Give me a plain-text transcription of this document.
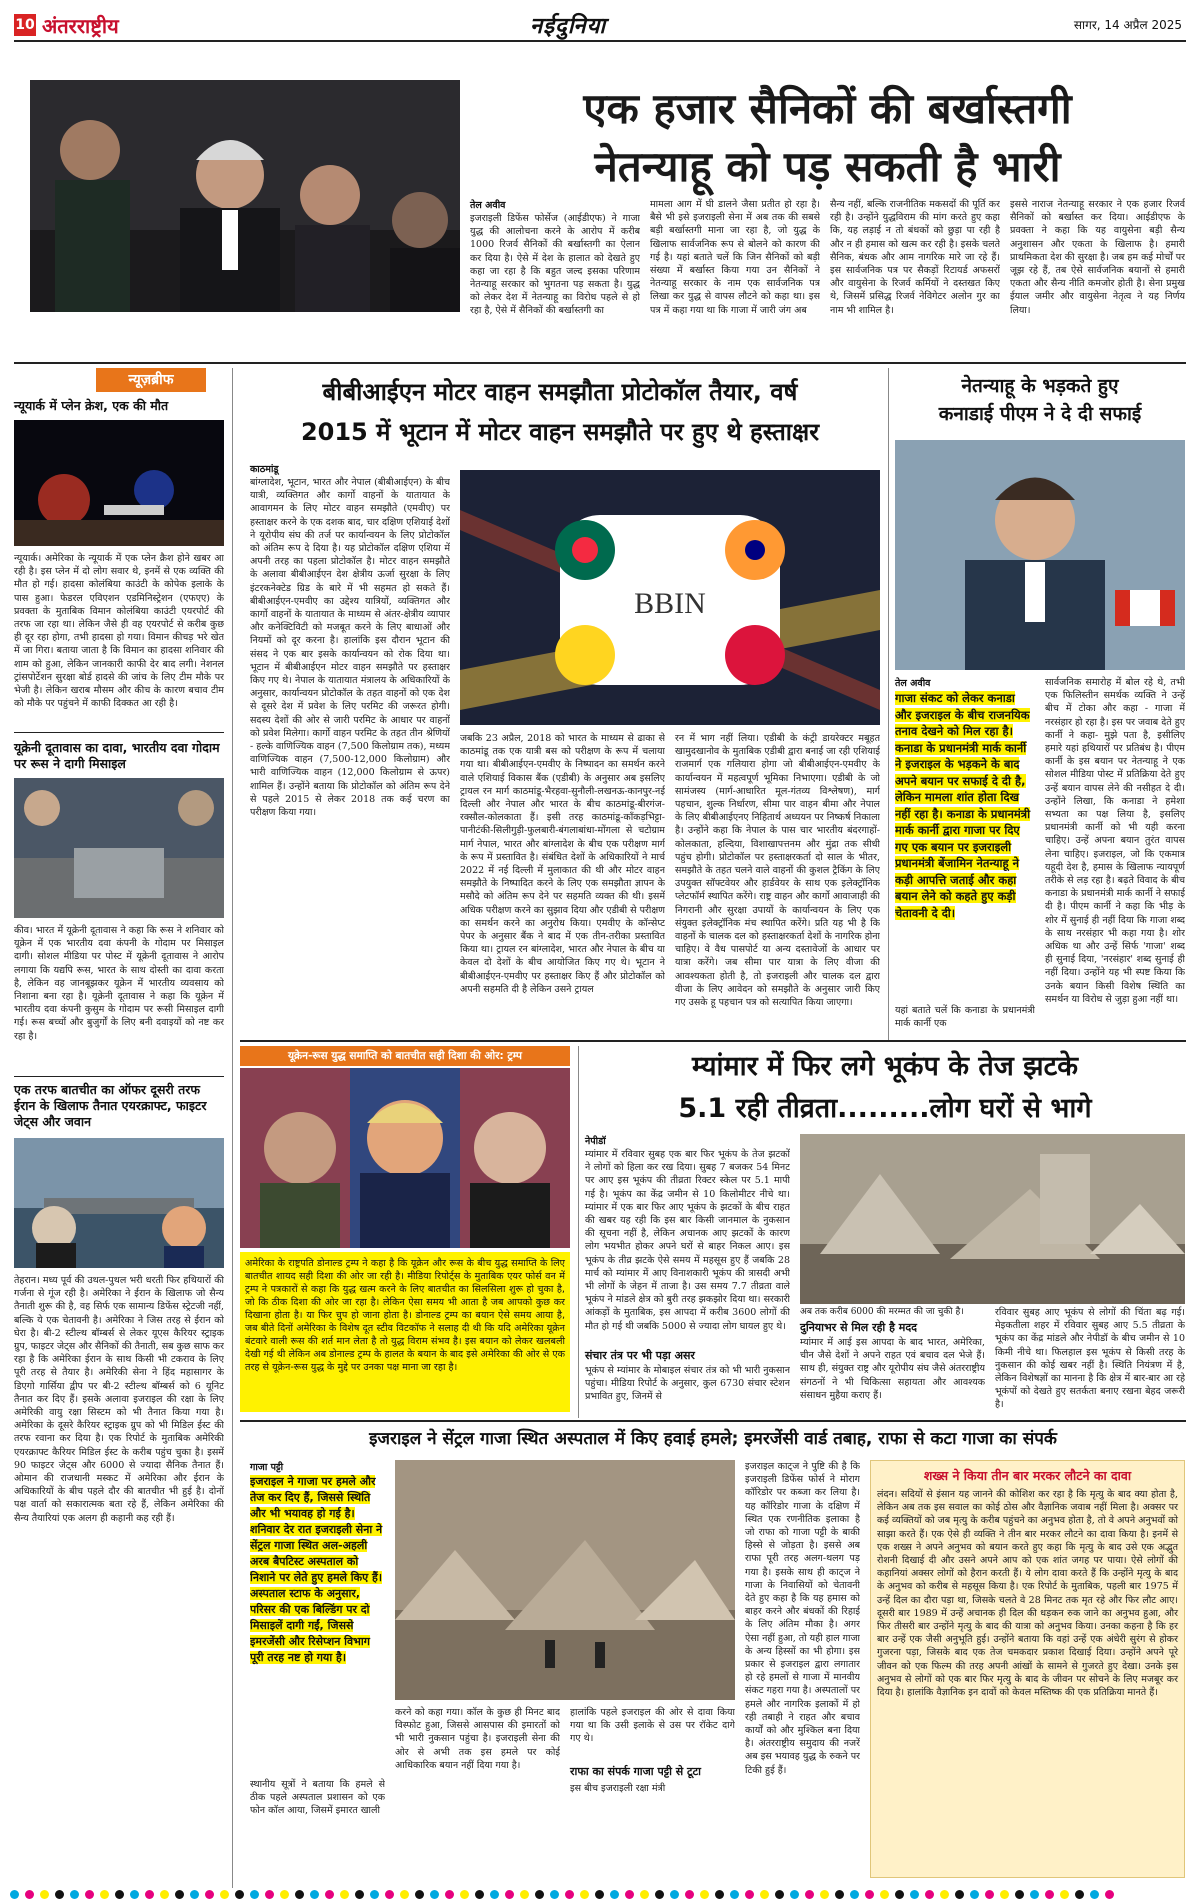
10 अंतरराष्ट्रीय	नईदुनिया	सागर, 14 अप्रैल 2025
एक हजार सैनिकों की बर्खास्तगी
नेतन्याहू को पड़ सकती है भारी
तेल अवीव
इजराइली डिफेंस फोर्सेज (आईडीएफ) ने गाजा युद्ध की आलोचना करने के आरोप में करीब 1000 रिजर्व सैनिकों की बर्खास्तगी का ऐलान कर दिया है। ऐसे में देश के हालात को देखते हुए कहा जा रहा है कि बहुत जल्द इसका परिणाम नेतन्याहू सरकार को भुगतना पड़ सकता है। युद्ध को लेकर देश में नेतन्याहू का विरोध पहले से हो रहा है, ऐसे में सैनिकों की बर्खास्तगी का
मामला आग में घी डालने जैसा प्रतीत हो रहा है। बैसे भी इसे इजराइली सेना में अब तक की सबसे बड़ी बर्खास्तगी माना जा रहा है, जो युद्ध के खिलाफ सार्वजनिक रूप से बोलने को कारण की गई है। यहां बताते चलें कि जिन सैनिकों को बड़ी संख्या में बर्खास्त किया गया उन सैनिकों ने नेतन्याहू सरकार के नाम एक सार्वजनिक पत्र लिखा कर युद्ध से वापस लौटने को कहा था। इस पत्र में कहा गया था कि गाजा में जारी जंग अब
सैन्य नहीं, बल्कि राजनीतिक मकसदों की पूर्ति कर रही है। उन्होंने युद्धविराम की मांग करते हुए कहा कि, यह लड़ाई न तो बंधकों को छुड़ा पा रही है और न ही हमास को खत्म कर रही है। इसके चलते सैनिक, बंधक और आम नागरिक मारे जा रहे हैं। इस सार्वजनिक पत्र पर सैकड़ों रिटायर्ड अफसरों और वायुसेना के रिजर्व कर्मियों ने दस्तखत किए थे, जिसमें प्रसिद्ध रिजर्व नेविगेटर अलोन गुर का नाम भी शामिल है।
इससे नाराज नेतन्याहू सरकार ने एक हजार रिजर्व सैनिकों को बर्खास्त कर दिया। आईडीएफ के प्रवक्ता ने कहा कि यह वायुसेना बड़ी सैन्य अनुशासन और एकता के खिलाफ है। हमारी प्राथमिकता देश की सुरक्षा है। जब हम कई मोर्चों पर जूझ रहे हैं, तब ऐसे सार्वजनिक बयानों से हमारी एकता और सैन्य नीति कमजोर होती है। सेना प्रमुख ईयाल जमीर और वायुसेना नेतृत्व ने यह निर्णय लिया।
न्यूज़ब्रीफ
न्यूयार्क में प्लेन क्रेश, एक की मौत
न्यूयार्क। अमेरिका के न्यूयार्क में एक प्लेन क्रैश होने खबर आ रही है। इस प्लेन में दो लोग सवार थे, इनमें से एक व्यक्ति की मौत हो गई। हादसा कोलंबिया काउंटी के कोपेक इलाके के पास हुआ। फेडरल एविएशन एडमिनिस्ट्रेशन (एफएए) के प्रवक्ता के मुताबिक विमान कोलंबिया काउंटी एयरपोर्ट की तरफ जा रहा था। लेकिन जैसे ही वह एयरपोर्ट से करीब कुछ ही दूर रहा होगा, तभी हादसा हो गया। विमान कीचड़ भरे खेत में जा गिरा। बताया जाता है कि विमान का हादसा शनिवार की शाम को हुआ, लेकिन जानकारी काफी देर बाद लगी। नेशनल ट्रांसपोर्टेशन सुरक्षा बोर्ड हादसे की जांच के लिए टीम मौके पर भेजी है। लेकिन खराब मौसम और कीच के कारण बचाव टीम को मौके पर पहुंचने में काफी दिक्कत आ रही है।
यूक्रेनी दूतावास का दावा, भारतीय दवा गोदाम पर रूस ने दागी मिसाइल
कीव। भारत में यूक्रेनी दूतावास ने कहा कि रूस ने शनिवार को यूक्रेन में एक भारतीय दवा कंपनी के गोदाम पर मिसाइल दागी। सोशल मीडिया पर पोस्ट में यूक्रेनी दूतावास ने आरोप लगाया कि यद्यपि रूस, भारत के साथ दोस्ती का दावा करता है, लेकिन वह जानबूझकर यूक्रेन में भारतीय व्यवसाय को निशाना बना रहा है। यूक्रेनी दूतावास ने कहा कि यूक्रेन में भारतीय दवा कंपनी कुसुम के गोदाम पर रूसी मिसाइल दागी गई। रूस बच्चों और बुजुर्गों के लिए बनी दवाइयों को नष्ट कर रहा है।
एक तरफ बातचीत का ऑफर दूसरी तरफ ईरान के खिलाफ तैनात एयरक्राफ्ट, फाइटर जेट्स और जवान
तेहरान। मध्य पूर्व की उथल-पुथल भरी धरती फिर हथियारों की गर्जना से गूंज रही है। अमेरिका ने ईरान के खिलाफ जो सैन्य तैनाती शुरू की है, वह सिर्फ एक सामान्य डिफेंस स्ट्रेटजी नहीं, बल्कि ये एक चेतावनी है। अमेरिका ने जिस तरह से ईरान को घेरा है। बी-2 स्टील्थ बॉम्बर्स से लेकर यूएस कैरियर स्ट्राइक ग्रुप, फाइटर जेट्स और सैनिकों की तैनाती, सब कुछ साफ कर रहा है कि अमेरिका ईरान के साथ किसी भी टकराव के लिए पूरी तरह से तैयार है। अमेरिकी सेना ने हिंद महासागर के डिएगो गार्सिया द्वीप पर बी-2 स्टील्थ बॉम्बर्स को 6 यूनिट तैनात कर दिए हैं। इसके अलावा इजराइल की रक्षा के लिए अमेरिकी वायु रक्षा सिस्टम को भी तैनात किया गया है। अमेरिका के दूसरे कैरियर स्ट्राइक ग्रुप को भी मिडिल ईस्ट की तरफ रवाना कर दिया है। एक रिपोर्ट के मुताबिक अमेरिकी एयरक्राफ्ट कैरियर मिडिल ईस्ट के करीब पहुंच चुका है। इसमें 90 फाइटर जेट्स और 6000 से ज्यादा सैनिक तैनात हैं। ओमान की राजधानी मस्कट में अमेरिका और ईरान के अधिकारियों के बीच पहले दौर की बातचीत भी हुई है। दोनों पक्ष वार्ता को सकारात्मक बता रहे हैं, लेकिन अमेरिका की सैन्य तैयारियां एक अलग ही कहानी कह रही हैं।
बीबीआईएन मोटर वाहन समझौता प्रोटोकॉल तैयार, वर्ष
2015 में भूटान में मोटर वाहन समझौते पर हुए थे हस्ताक्षर
काठमांडू
बांग्लादेश, भूटान, भारत और नेपाल (बीबीआईएन) के बीच यात्री, व्यक्तिगत और कार्गो वाहनों के यातायात के आवागमन के लिए मोटर वाहन समझौते (एमवीए) पर हस्ताक्षर करने के एक दशक बाद, चार दक्षिण एशियाई देशों ने यूरोपीय संघ की तर्ज पर कार्यान्वयन के लिए प्रोटोकॉल को अंतिम रूप दे दिया है। यह प्रोटोकॉल दक्षिण एशिया में अपनी तरह का पहला प्रोटोकॉल है। मोटर वाहन समझौते के अलावा बीबीआईएन देश क्षेत्रीय ऊर्जा सुरक्षा के लिए इंटरकनेक्टेड ग्रिड के बारे में भी सहमत हो सकते हैं। बीबीआईएन-एमवीए का उद्देश्य यात्रियों, व्यक्तिगत और कार्गो वाहनों के यातायात के माध्यम से अंतर-क्षेत्रीय व्यापार और कनेक्टिविटी को मजबूत करने के लिए बाधाओं और नियमों को दूर करना है। हालांकि इस दौरान भूटान की संसद ने एक बार इसके कार्यान्वयन को रोक दिया था। भूटान में बीबीआईएन मोटर वाहन समझौते पर हस्ताक्षर किए गए थे। नेपाल के यातायात मंत्रालय के अधिकारियों के अनुसार, कार्यान्वयन प्रोटोकॉल के तहत वाहनों को एक देश से दूसरे देश में प्रवेश के लिए परमिट की जरूरत होगी। सदस्य देशों की ओर से जारी परमिट के आधार पर वाहनों को प्रवेश मिलेगा। कार्गो वाहन परमिट के तहत तीन श्रेणियों - हल्के वाणिज्यिक वाहन (7,500 किलोग्राम तक), मध्यम वाणिज्यिक वाहन (7,500-12,000 किलोग्राम) और भारी वाणिज्यिक वाहन (12,000 किलोग्राम से ऊपर) शामिल हैं। उन्होंने बताया कि प्रोटोकॉल को अंतिम रूप देने से पहले 2015 से लेकर 2018 तक कई चरण का परीक्षण किया गया।
BBIN
जबकि 23 अप्रैल, 2018 को भारत के माध्यम से ढाका से काठमांडू तक एक यात्री बस को परीक्षण के रूप में चलाया गया था। बीबीआईएन-एमवीए के निष्पादन का समर्थन करने वाले एशियाई विकास बैंक (एडीबी) के अनुसार अब इसलिए ट्रायल रन मार्ग काठमांडू-भैरहवा-सुनौली-लखनऊ-कानपुर-नई दिल्ली और नेपाल और भारत के बीच काठमांडू-बीरगंज-रक्सौल-कोलकाता हैं। इसी तरह काठमांडू-काँकड़भिट्टा-पानीटंकी-सिलीगुड़ी-फुलबारी-बंगलाबांधा-मोंगला से चटोग्राम मार्ग नेपाल, भारत और बांग्लादेश के बीच एक परीक्षण मार्ग के रूप में प्रस्तावित है। संबंधित देशों के अधिकारियों ने मार्च 2022 में नई दिल्ली में मुलाकात की थी और मोटर वाहन समझौते के निष्पादित करने के लिए एक समझौता ज्ञापन के मसौदे को अंतिम रूप देने पर सहमति व्यक्त की थी। इसमें अधिक परीक्षण करने का सुझाव दिया और एडीबी से परीक्षण का समर्थन करने का अनुरोध किया। एमवीए के कॉन्सेप्ट पेपर के अनुसार बैंक ने बाद में एक तीन-तरीका प्रस्तावित किया था। ट्रायल रन बांग्लादेश, भारत और नेपाल के बीच या केवल दो देशों के बीच आयोजित किए गए थे। भूटान ने बीबीआईएन-एमवीए पर हस्ताक्षर किए हैं और प्रोटोकॉल को अपनी सहमति दी है लेकिन उसने ट्रायल
रन में भाग नहीं लिया। एडीबी के कंट्री डायरेक्टर मबूहत खामुदखानोव के मुताबिक एडीबी द्वारा बनाई जा रही एशियाई राजमार्ग एक गलियारा होगा जो बीबीआईएन-एमवीए के कार्यान्वयन में महत्वपूर्ण भूमिका निभाएगा। एडीबी के जो सामंजस्य (मार्ग-आधारित मूल-गंतव्य विश्लेषण), मार्ग पहचान, शुल्क निर्धारण, सीमा पार वाहन बीमा और नेपाल के लिए बीबीआईएनए निहितार्थ अध्ययन पर निष्कर्ष निकाला है। उन्होंने कहा कि नेपाल के पास चार भारतीय बंदरगाहों-कोलकाता, हल्दिया, विशाखापत्तनम और मुंद्रा तक सीधी पहुंच होगी। प्रोटोकॉल पर हस्ताक्षरकर्ता दो साल के भीतर, समझौते के तहत चलने वाले वाहनों की कुशल ट्रैकिंग के लिए उपयुक्त सॉफ्टवेयर और हार्डवेयर के साथ एक इलेक्ट्रॉनिक प्लेटफॉर्म स्थापित करेंगे। राष्ट्र वाहन और कार्गो आवाजाही की निगरानी और सुरक्षा उपायों के कार्यान्वयन के लिए एक संयुक्त इलेक्ट्रॉनिक मंच स्थापित करेंगे। प्रति यह भी है कि वाहनों के चालक दल को हस्ताक्षरकर्ता देशों के नागरिक होना चाहिए। वे वैध पासपोर्ट या अन्य दस्तावेजों के आधार पर यात्रा करेंगे। जब सीमा पार यात्रा के लिए वीजा की आवश्यकता होती है, तो इजराइली और चालक दल द्वारा वीजा के लिए आवेदन को समझौते के अनुसार जारी किए गए उसके हू पहचान पत्र को सत्यापित किया जाएगा।
नेतन्याहू के भड़कते हुए
कनाडाई पीएम ने दे दी सफाई
तेल अवीव
गाजा संकट को लेकर कनाडा और इजराइल के बीच राजनयिक तनाव देखने को मिल रहा है। कनाडा के प्रधानमंत्री मार्क कार्नी ने इजराइल के भड़कने के बाद अपने बयान पर सफाई दे दी है, लेकिन मामला शांत होता दिख नहीं रहा है। कनाडा के प्रधानमंत्री मार्क कार्नी द्वारा गाजा पर दिए गए एक बयान पर इजराइली प्रधानमंत्री बेंजामिन नेतन्याहू ने कड़ी आपत्ति जताई और कहा बयान लेने को कहते हुए कड़ी चेतावनी दे दी।
यहां बताते चलें कि कनाडा के प्रधानमंत्री मार्क कार्नी एक
सार्वजनिक समारोह में बोल रहे थे, तभी एक फिलिस्तीन समर्थक व्यक्ति ने उन्हें बीच में टोका और कहा - गाजा में नरसंहार हो रहा है। इस पर जवाब देते हुए कार्नी ने कहा- मुझे पता है, इसीलिए हमारे यहां हथियारों पर प्रतिबंध है। पीएम कार्नी के इस बयान पर नेतन्याहू ने एक सोशल मीडिया पोस्ट में प्रतिक्रिया देते हुए उन्हें बयान वापस लेने की नसीहत दे दी। उन्होंने लिखा, कि कनाडा ने हमेशा सभ्यता का पक्ष लिया है, इसलिए प्रधानमंत्री कार्नी को भी यही करना चाहिए। उन्हें अपना बयान तुरंत वापस लेना चाहिए। इजराइल, जो कि एकमात्र यहूदी देश है, हमास के खिलाफ न्यायपूर्ण तरीके से लड़ रहा है। बढ़ते विवाद के बीच कनाडा के प्रधानमंत्री मार्क कार्नी ने सफाई दी है। पीएम कार्नी ने कहा कि भीड़ के शोर में सुनाई ही नहीं दिया कि गाजा शब्द के साथ नरसंहार भी कहा गया है। शोर अधिक था और उन्हें सिर्फ 'गाजा' शब्द ही सुनाई दिया, 'नरसंहार' शब्द सुनाई ही नहीं दिया। उन्होंने यह भी स्पष्ट किया कि उनके बयान किसी विशेष स्थिति का समर्थन या विरोध से जुड़ा हुआ नहीं था।
यूक्रेन-रूस युद्ध समाप्ति को बातचीत सही दिशा की ओर: ट्रम्प
अमेरिका के राष्ट्रपति डोनाल्ड ट्रम्प ने कहा है कि यूक्रेन और रूस के बीच युद्ध समाप्ति के लिए बातचीत शायद सही दिशा की ओर जा रही है। मीडिया रिपोर्ट्स के मुताबिक एयर फोर्स वन में ट्रम्प ने पत्रकारों से कहा कि युद्ध खत्म करने के लिए बातचीत का सिलसिला शुरू हो चुका है, जो कि ठीक दिशा की ओर जा रहा है। लेकिन ऐसा समय भी आता है जब आपको कुछ कर दिखाना होता है। या फिर चुप हो जाना होता है। डोनाल्ड ट्रम्प का बयान ऐसे समय आया है, जब बीते दिनों अमेरिका के विशेष दूत स्टीव विटकॉफ ने सलाह दी थी कि यदि अमेरिका यूक्रेन बंटवारे वाली रूस की शर्त मान लेता है तो युद्ध विराम संभव है। इस बयान को लेकर खलबली देखी गई थी लेकिन अब डोनाल्ड ट्रम्प के हालत के बयान के बाद इसे अमेरिका की ओर से एक तरह से यूक्रेन-रूस युद्ध के मुद्दे पर उनका पक्ष माना जा रहा है।
म्यांमार में फिर लगे भूकंप के तेज झटके
5.1 रही तीव्रता.........लोग घरों से भागे
नेपीडॉ
म्यांमार में रविवार सुबह एक बार फिर भूकंप के तेज झटकों ने लोगों को हिला कर रख दिया। सुबह 7 बजकर 54 मिनट पर आए इस भूकंप की तीव्रता रिक्टर स्केल पर 5.1 मापी गई है। भूकंप का केंद्र जमीन से 10 किलोमीटर नीचे था। म्यांमार में एक बार फिर आए भूकंप के झटकों के बीच राहत की खबर यह रही कि इस बार किसी जानमाल के नुकसान की सूचना नहीं है, लेकिन अचानक आए झटकों के कारण लोग भयभीत होकर अपने घरों से बाहर निकल आए। इस भूकंप के तीव्र झटके ऐसे समय में महसूस हुए हैं जबकि 28 मार्च को म्यांमार में आए विनाशकारी भूकंप की त्रासदी अभी भी लोगों के जेहन में ताजा है। उस समय 7.7 तीव्रता वाले भूकंप ने मांडले क्षेत्र को बुरी तरह झकझोर दिया था। सरकारी आंकड़ों के मुताबिक, इस आपदा में करीब 3600 लोगों की मौत हो गई थी जबकि 5000 से ज्यादा लोग घायल हुए थे।
संचार तंत्र पर भी पड़ा असर
भूकंप से म्यांमार के मोबाइल संचार तंत्र को भी भारी नुकसान पहुंचा। मीडिया रिपोर्ट के अनुसार, कुल 6730 संचार स्टेशन प्रभावित हुए, जिनमें से
अब तक करीब 6000 की मरम्मत की जा चुकी है।
दुनियाभर से मिल रही है मदद
म्यांमार में आई इस आपदा के बाद भारत, अमेरिका, चीन जैसे देशों ने अपने राहत एवं बचाव दल भेजे हैं। साथ ही, संयुक्त राष्ट्र और यूरोपीय संघ जैसे अंतरराष्ट्रीय संगठनों ने भी चिकित्सा सहायता और आवश्यक संसाधन मुहैया कराए हैं।
रविवार सुबह आए भूकंप से लोगों की चिंता बढ़ गई। मेइकतीला शहर में रविवार सुबह आए 5.5 तीव्रता के भूकंप का केंद्र मांडले और नेपीडॉ के बीच जमीन से 10 किमी नीचे था। फिलहाल इस भूकंप से किसी तरह के नुकसान की कोई खबर नहीं है। स्थिति नियंत्रण में है, लेकिन विशेषज्ञों का मानना है कि क्षेत्र में बार-बार आ रहे भूकंपों को देखते हुए सतर्कता बनाए रखना बेहद जरूरी है।
इजराइल ने सेंट्रल गाजा स्थित अस्पताल में किए हवाई हमले; इमरजेंसी वार्ड तबाह, राफा से कटा गाजा का संपर्क
गाजा पट्टी
इजराइल ने गाजा पर हमले और तेज कर दिए हैं, जिससे स्थिति और भी भयावह हो गई है। शनिवार देर रात इजराइली सेना ने सेंट्रल गाजा स्थित अल-अहली अरब बैपटिस्ट अस्पताल को निशाने पर लेते हुए हमले किए हैं। अस्पताल स्टाफ के अनुसार, परिसर की एक बिल्डिंग पर दो मिसाइलें दागी गईं, जिससे इमरजेंसी और रिसेप्शन विभाग पूरी तरह नष्ट हो गया है।
स्थानीय सूत्रों ने बताया कि हमले से ठीक पहले अस्पताल प्रशासन को एक फोन कॉल आया, जिसमें इमारत खाली
करने को कहा गया। कॉल के कुछ ही मिनट बाद विस्फोट हुआ, जिससे आसपास की इमारतों को भी भारी नुकसान पहुंचा है। इजराइली सेना की ओर से अभी तक इस हमले पर कोई आधिकारिक बयान नहीं दिया गया है।
हालांकि पहले इजराइल की ओर से दावा किया गया था कि उसी इलाके से उस पर रॉकेट दागे गए थे।
राफा का संपर्क गाजा पट्टी से टूटा
इस बीच इजराइली रक्षा मंत्री
इजराइल काट्ज ने पुष्टि की है कि इजराइली डिफेंस फोर्स ने मोराग कॉरिडोर पर कब्जा कर लिया है। यह कॉरिडोर गाजा के दक्षिण में स्थित एक रणनीतिक इलाका है जो राफा को गाजा पट्टी के बाकी हिस्से से जोड़ता है। इससे अब राफा पूरी तरह अलग-थलग पड़ गया है। इसके साथ ही काट्ज ने गाजा के निवासियों को चेतावनी देते हुए कहा है कि यह हमास को बाहर करने और बंधकों की रिहाई के लिए अंतिम मौका है। अगर ऐसा नहीं हुआ, तो यही हाल गाजा के अन्य हिस्सों का भी होगा। इस प्रकार से इजराइल द्वारा लगातार हो रहे हमलों से गाजा में मानवीय संकट गहरा गया है। अस्पतालों पर हमले और नागरिक इलाकों में हो रही तबाही ने राहत और बचाव कार्यों को और मुश्किल बना दिया है। अंतरराष्ट्रीय समुदाय की नजरें अब इस भयावह युद्ध के रुकने पर टिकी हुई हैं।
शख्स ने किया तीन बार मरकर लौटने का दावा
लंदन। सदियों से इंसान यह जानने की कोशिश कर रहा है कि मृत्यु के बाद क्या होता है, लेकिन अब तक इस सवाल का कोई ठोस और वैज्ञानिक जवाब नहीं मिला है। अक्सर पर कई व्यक्तियों को जब मृत्यु के करीब पहुंचने का अनुभव होता है, तो वे अपने अनुभवों को साझा करते हैं। एक ऐसे ही व्यक्ति ने तीन बार मरकर लौटने का दावा किया है। इनमें से एक शख्स ने अपने अनुभव को बयान करते हुए कहा कि मृत्यु के बाद उसे एक अद्भुत रोशनी दिखाई दी और उसने अपने आप को एक शांत जगह पर पाया। ऐसे लोगों की कहानियां अक्सर लोगों को हैरान करती हैं। ये लोग दावा करते हैं कि उन्होंने मृत्यु के बाद के अनुभव को करीब से महसूस किया है। एक रिपोर्ट के मुताबिक, पहली बार 1975 में उन्हें दिल का दौरा पड़ा था, जिसके चलते वे 28 मिनट तक मृत रहे और फिर लौट आए। दूसरी बार 1989 में उन्हें अचानक ही दिल की धड़कन रुक जाने का अनुभव हुआ, और फिर तीसरी बार उन्होंने मृत्यु के बाद की यात्रा को अनुभव किया। उनका कहना है कि हर बार उन्हें एक जैसी अनुभूति हुई। उन्होंने बताया कि वहां उन्हें एक अंधेरी सुरंग से होकर गुजरना पड़ा, जिसके बाद एक तेज चमकदार प्रकाश दिखाई दिया। उन्होंने अपने पूरे जीवन को एक फिल्म की तरह अपनी आंखों के सामने से गुजरते हुए देखा। उनके इस अनुभव से लोगों को एक बार फिर मृत्यु के बाद के जीवन पर सोचने के लिए मजबूर कर दिया है। हालांकि वैज्ञानिक इन दावों को केवल मस्तिष्क की एक प्रतिक्रिया मानते हैं।
